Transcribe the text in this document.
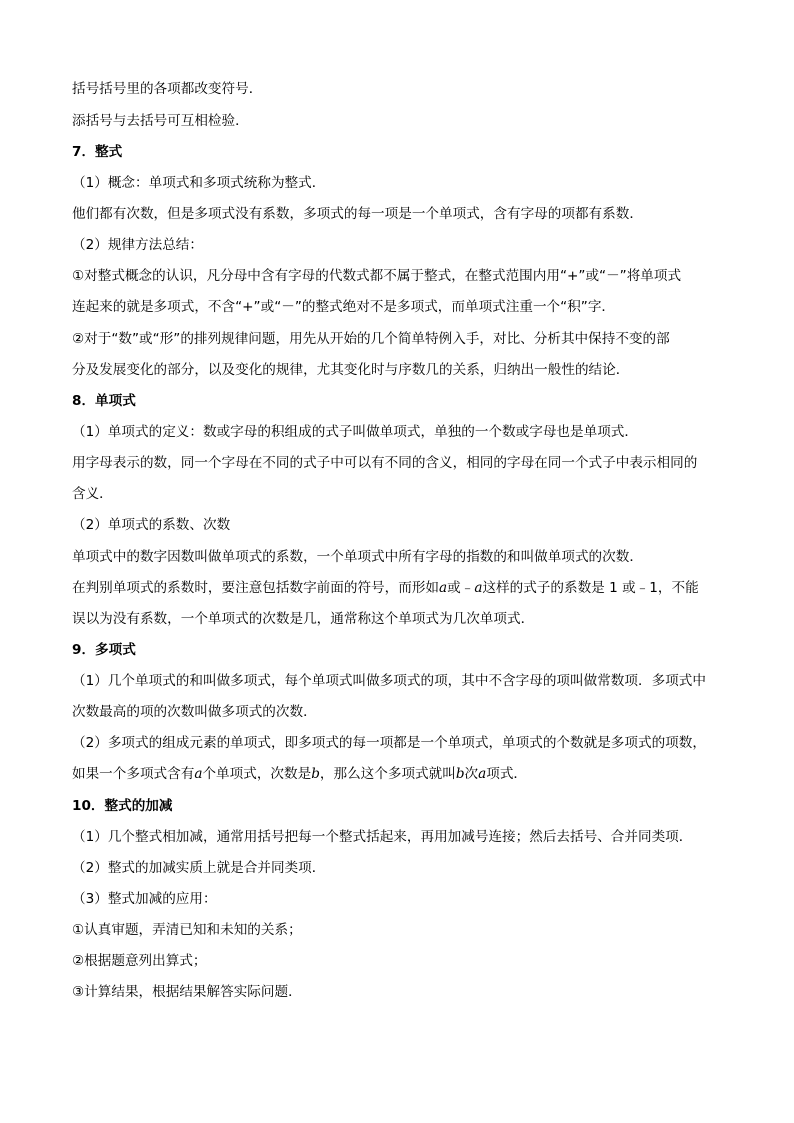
括号括号里的各项都改变符号．
添括号与去括号可互相检验．
7．整式
（1）概念：单项式和多项式统称为整式．
他们都有次数，但是多项式没有系数，多项式的每一项是一个单项式，含有字母的项都有系数．
（2）规律方法总结：
①对整式概念的认识，凡分母中含有字母的代数式都不属于整式，在整式范围内用“+”或“－”将单项式
连起来的就是多项式，不含“+”或“－”的整式绝对不是多项式，而单项式注重一个“积”字．
②对于“数”或“形”的排列规律问题，用先从开始的几个简单特例入手，对比、分析其中保持不变的部
分及发展变化的部分，以及变化的规律，尤其变化时与序数几的关系，归纳出一般性的结论．
8．单项式
（1）单项式的定义：数或字母的积组成的式子叫做单项式，单独的一个数或字母也是单项式．
用字母表示的数，同一个字母在不同的式子中可以有不同的含义，相同的字母在同一个式子中表示相同的
含义．
（2）单项式的系数、次数
单项式中的数字因数叫做单项式的系数，一个单项式中所有字母的指数的和叫做单项式的次数．
在判别单项式的系数时，要注意包括数字前面的符号，而形如a或﹣a这样的式子的系数是 1 或﹣1，不能
误以为没有系数，一个单项式的次数是几，通常称这个单项式为几次单项式．
9．多项式
（1）几个单项式的和叫做多项式，每个单项式叫做多项式的项，其中不含字母的项叫做常数项．多项式中
次数最高的项的次数叫做多项式的次数．
（2）多项式的组成元素的单项式，即多项式的每一项都是一个单项式，单项式的个数就是多项式的项数，
如果一个多项式含有a个单项式，次数是b，那么这个多项式就叫b次a项式．
10．整式的加减
（1）几个整式相加减，通常用括号把每一个整式括起来，再用加减号连接；然后去括号、合并同类项．
（2）整式的加减实质上就是合并同类项．
（3）整式加减的应用：
①认真审题，弄清已知和未知的关系；
②根据题意列出算式；
③计算结果，根据结果解答实际问题．
